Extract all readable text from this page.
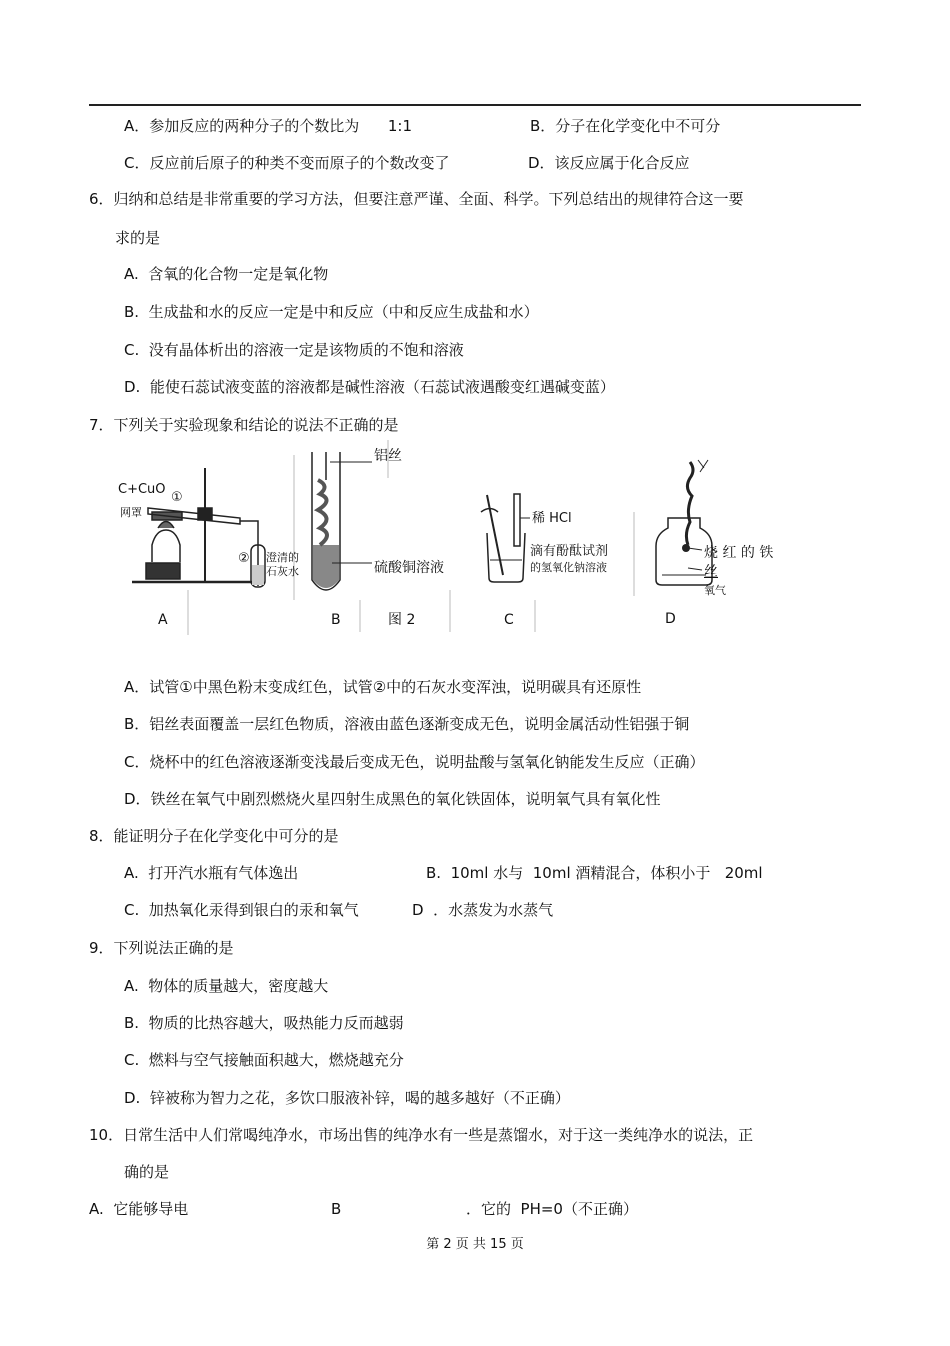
A．参加反应的两种分子的个数比为 1:1	B．分子在化学变化中不可分
C．反应前后原子的种类不变而原子的个数改变了	D．该反应属于化合反应
6．归纳和总结是非常重要的学习方法，但要注意严谨、全面、科学。下列总结出的规律符合这一要
求的是
A.  含氧的化合物一定是氧化物
B.  生成盐和水的反应一定是中和反应（中和反应生成盐和水）
C.  没有晶体析出的溶液一定是该物质的不饱和溶液
D.  能使石蕊试液变蓝的溶液都是碱性溶液（石蕊试液遇酸变红遇碱变蓝）
7．下列关于实验现象和结论的说法不正确的是
C+CuO
①
网罩
② 澄清的
石灰水
铝丝
硫酸铜溶液
稀 HCl
滴有酚酞试剂
的氢氧化钠溶液
烧 红 的 铁
丝
氧气
A	B	图 2	C	D
A．试管①中黑色粉末变成红色，试管②中的石灰水变浑浊，说明碳具有还原性
B．铝丝表面覆盖一层红色物质，溶液由蓝色逐渐变成无色，说明金属活动性铝强于铜
C．烧杯中的红色溶液逐渐变浅最后变成无色，说明盐酸与氢氧化钠能发生反应（正确）
D．铁丝在氧气中剧烈燃烧火星四射生成黑色的氧化铁固体，说明氧气具有氧化性
8．能证明分子在化学变化中可分的是
A.  打开汽水瓶有气体逸出	B.  10ml 水与  10ml 酒精混合，体积小于   20ml
C.  加热氧化汞得到银白的汞和氧气	D  ．水蒸发为水蒸气
9．下列说法正确的是
A.  物体的质量越大，密度越大
B.  物质的比热容越大，吸热能力反而越弱
C.  燃料与空气接触面积越大，燃烧越充分
D.  锌被称为智力之花，多饮口服液补锌，喝的越多越好（不正确）
10．日常生活中人们常喝纯净水，市场出售的纯净水有一些是蒸馏水，对于这一类纯净水的说法，正
确的是
A.  它能够导电	B	．它的  PH=0（不正确）
第 2 页 共 15 页
